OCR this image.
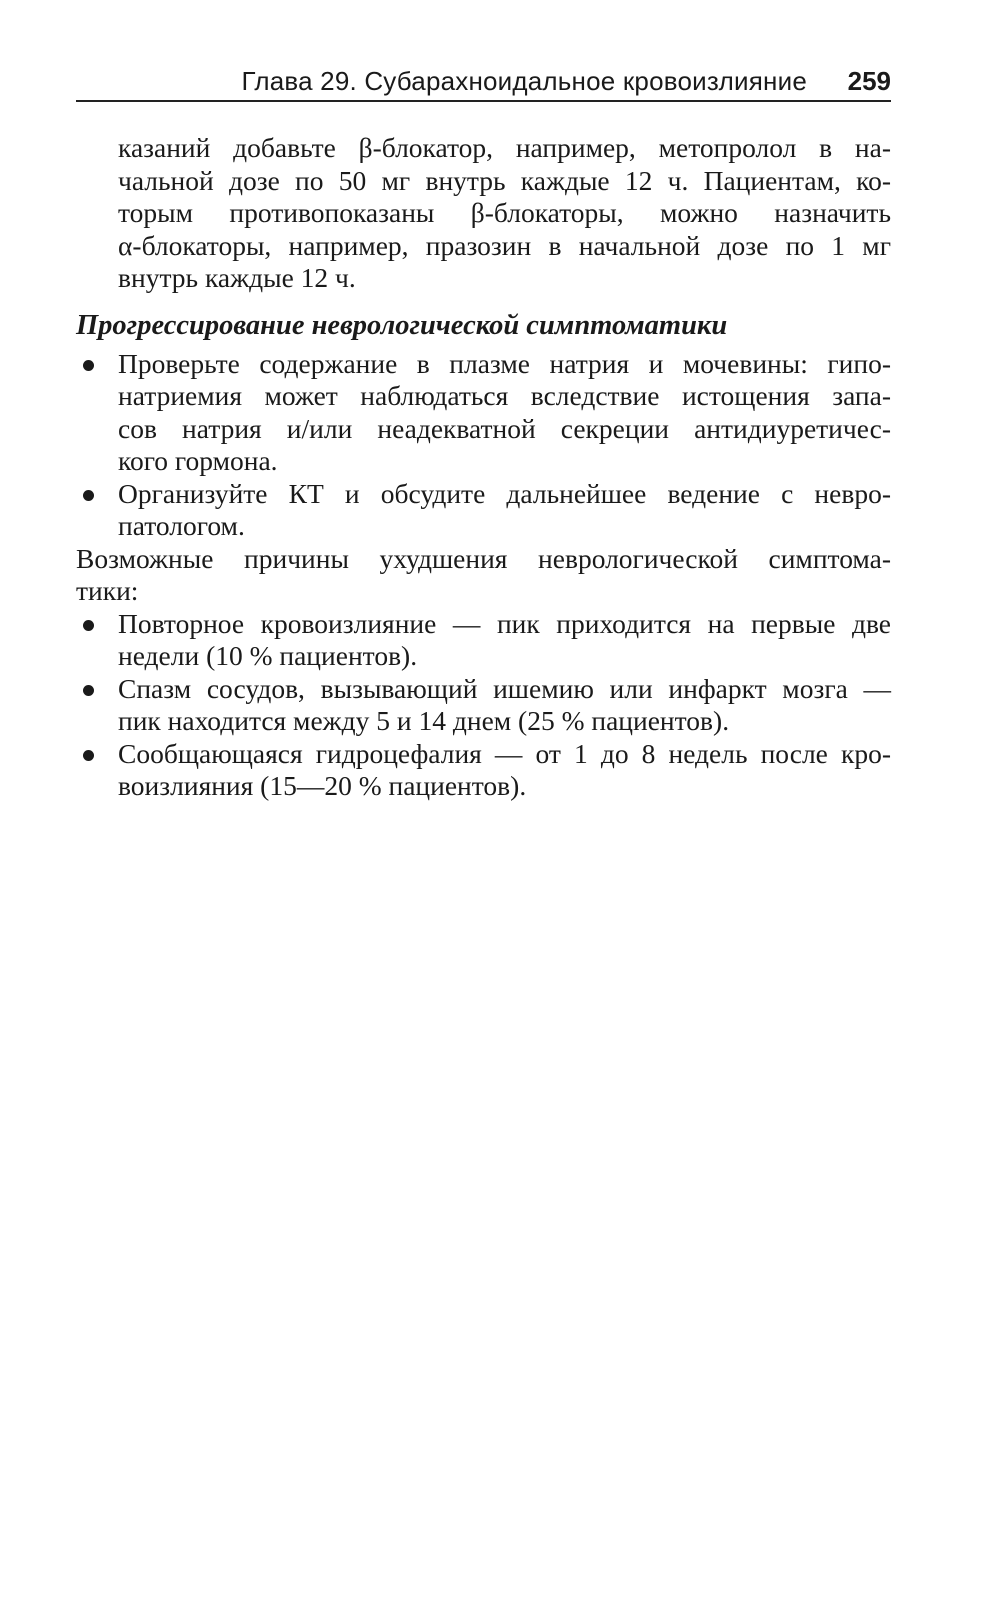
Глава 29. Субарахноидальное кровоизлияние 259
казаний добавьте β-блокатор, например, метопролол в на-
чальной дозе по 50 мг внутрь каждые 12 ч. Пациентам, ко-
торым противопоказаны β-блокаторы, можно назначить
α-блокаторы, например, празозин в начальной дозе по 1 мг
внутрь каждые 12 ч.
Прогрессирование неврологической симптоматики
Проверьте содержание в плазме натрия и мочевины: гипо-
натриемия может наблюдаться вследствие истощения запа-
сов натрия и/или неадекватной секреции антидиуретичес-
кого гормона.
Организуйте КТ и обсудите дальнейшее ведение с невро-
патологом.
Возможные причины ухудшения неврологической симптома-
тики:
Повторное кровоизлияние — пик приходится на первые две
недели (10 % пациентов).
Спазм сосудов, вызывающий ишемию или инфаркт мозга —
пик находится между 5 и 14 днем (25 % пациентов).
Сообщающаяся гидроцефалия — от 1 до 8 недель после кро-
воизлияния (15—20 % пациентов).
